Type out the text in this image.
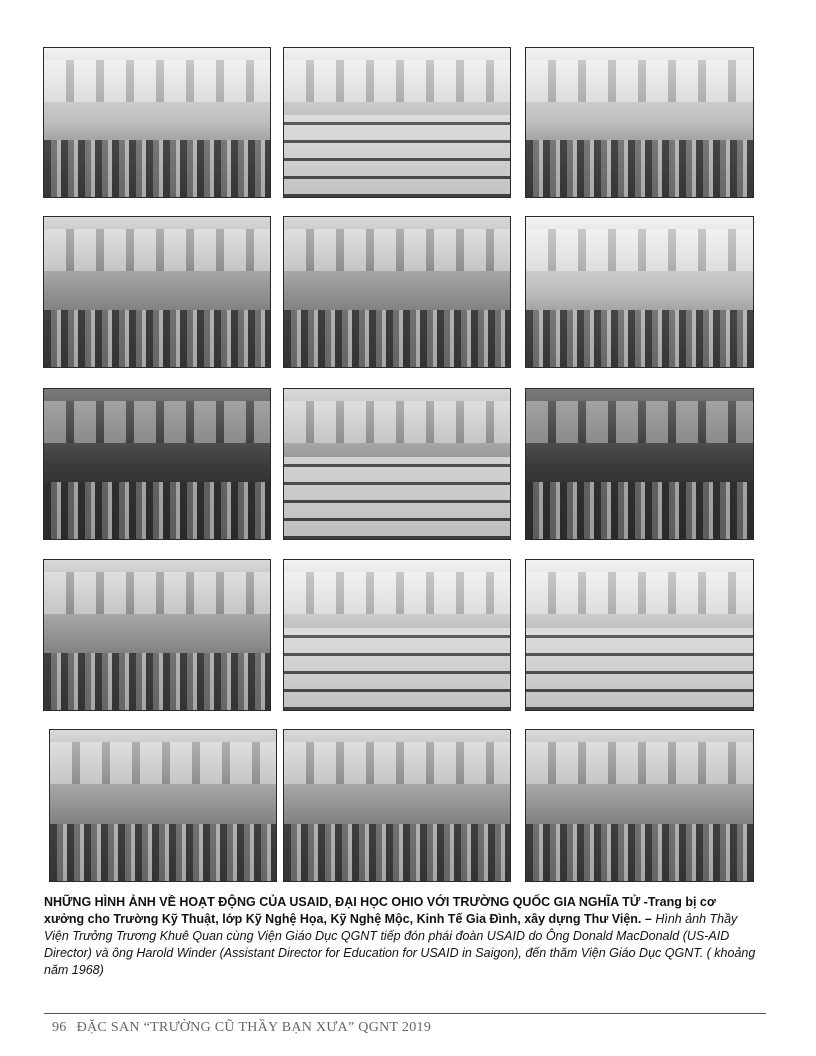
NHỮNG HÌNH ẢNH VỀ HOẠT ĐỘNG CỦA USAID, ĐẠI HỌC OHIO VỚI TRƯỜNG QUỐC GIA NGHĨA TỬ -Trang bị cơ xưởng cho Trường Kỹ Thuật, lớp Kỹ Nghệ Họa, Kỹ Nghệ Mộc, Kinh Tế Gia Đình, xây dựng Thư Viện. – Hình ảnh Thầy Viện Trưởng Trương Khuê Quan cùng Viện Giáo Dục QGNT tiếp đón phái đoàn USAID do Ông Donald MacDonald (US-AID Director) và ông Harold Winder (Assistant Director for Education for USAID in Saigon), đến thăm Viện Giáo Dục QGNT. ( khoảng năm 1968)
96 ĐẶC SAN “TRƯỜNG CŨ THẦY BẠN XƯA” QGNT 2019
